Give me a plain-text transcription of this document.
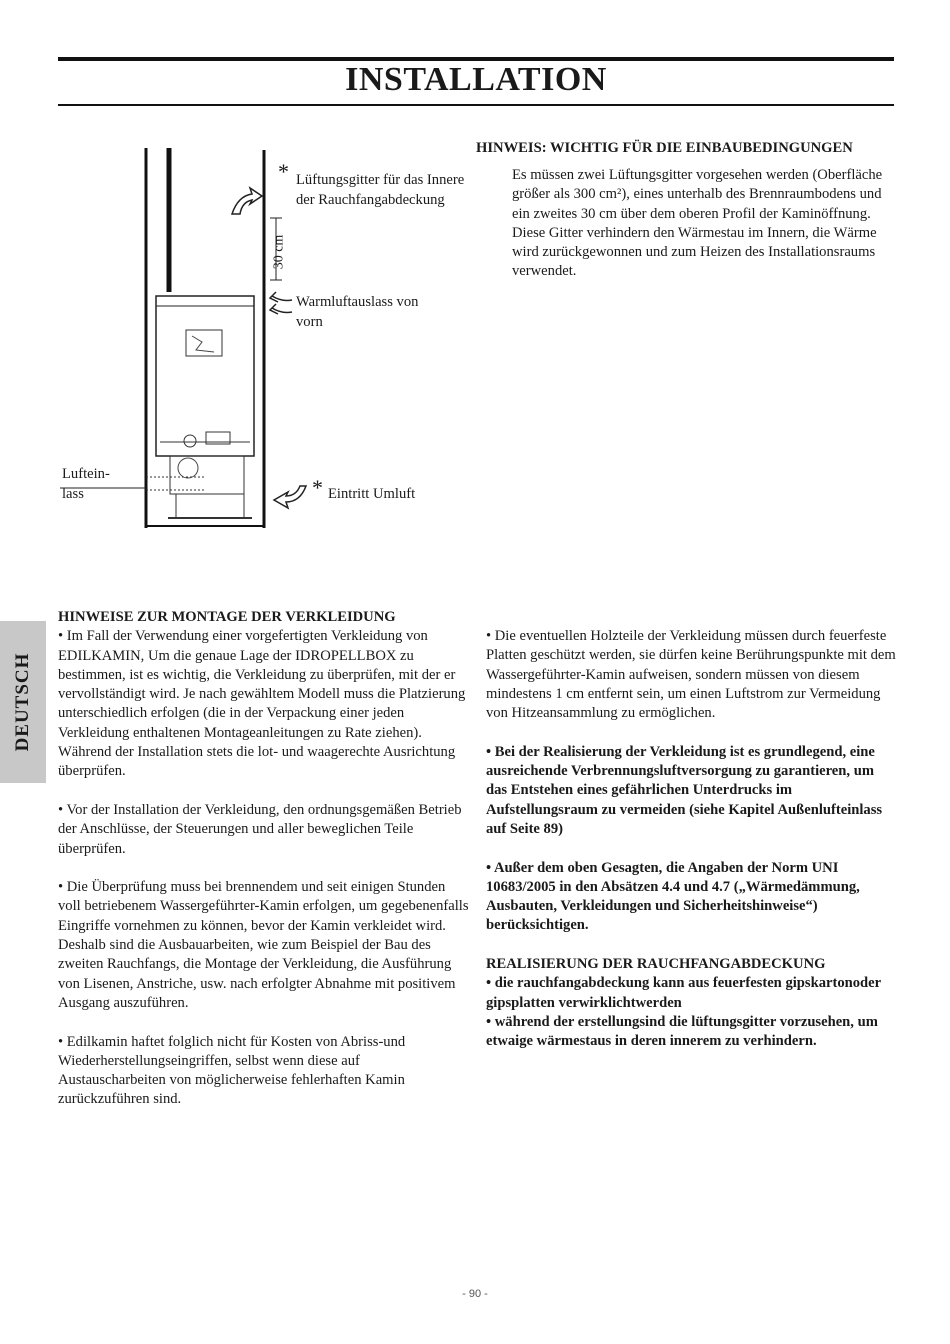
INSTALLATION
* Lüftungsgitter für das Innere der Rauchfangabdeckung
30 cm
Warmluftauslass von vorn
Luftein- lass	* Eintritt Umluft
HINWEIS: WICHTIG FÜR DIE EINBAUBEDINGUNGEN

Es müssen zwei Lüftungsgitter vorgesehen werden (Oberfläche größer als 300 cm²), eines unterhalb des Brennraumbodens und ein zweites 30 cm über dem oberen Profil der Kaminöffnung.

Diese Gitter verhindern den Wärmestau im Innern, die Wärme wird zurückgewonnen und zum Heizen des Installationsraums verwendet.

DEUTSCH

HINWEISE ZUR MONTAGE DER VERKLEIDUNG

• Im Fall der Verwendung einer vorgefertigten Verkleidung von EDILKAMIN, Um die genaue Lage der IDROPELLBOX zu bestimmen, ist es wichtig, die Verkleidung zu überprüfen, mit der er vervollständigt wird. Je nach gewähltem Modell muss die Platzierung unterschiedlich erfolgen (die in der Verpackung einer jeden Verkleidung enthaltenen Montageanleitungen zu Rate ziehen). Während der Installation stets die lot- und waagerechte Ausrichtung überprüfen.

• Vor der Installation der Verkleidung, den ordnungsgemäßen Betrieb der Anschlüsse, der Steuerungen und aller beweglichen Teile überprüfen.

• Die Überprüfung muss bei brennendem und seit einigen Stunden voll betriebenem Wassergeführter-Kamin erfolgen, um gegebenenfalls Eingriffe vornehmen zu können, bevor der Kamin verkleidet wird.

Deshalb sind die Ausbauarbeiten, wie zum Beispiel der Bau des zweiten Rauchfangs, die Montage der Verkleidung, die Ausführung von Lisenen, Anstriche, usw. nach erfolgter Abnahme mit positivem Ausgang auszuführen.

• Edilkamin haftet folglich nicht für Kosten von Abriss-und Wiederherstellungseingriffen, selbst wenn diese auf Austauscharbeiten von möglicherweise fehlerhaften Kamin zurückzuführen sind.

• Die eventuellen Holzteile der Verkleidung müssen durch feuerfeste Platten geschützt werden, sie dürfen keine Berührungspunkte mit dem Wassergeführter-Kamin aufweisen, sondern müssen von diesem mindestens 1 cm entfernt sein, um einen Luftstrom zur Vermeidung von Hitzeansammlung zu ermöglichen.

• Bei der Realisierung der Verkleidung ist es grundlegend, eine ausreichende Verbrennungsluftversorgung zu garantieren, um das Entstehen eines gefährlichen Unterdrucks im Aufstellungsraum zu vermeiden (siehe Kapitel Außenlufteinlass auf Seite 89)

• Außer dem oben Gesagten, die Angaben der Norm UNI 10683/2005 in den Absätzen 4.4 und 4.7 („Wärmedämmung, Ausbauten, Verkleidungen und Sicherheitshinweise“) berücksichtigen.

REALISIERUNG DER RAUCHFANGABDECKUNG

• die rauchfangabdeckung kann aus feuerfesten gipskartonoder gipsplatten verwirklichtwerden

• während der erstellungsind die lüftungsgitter vorzusehen, um etwaige wärmestaus in deren innerem zu verhindern.

- 90 -
